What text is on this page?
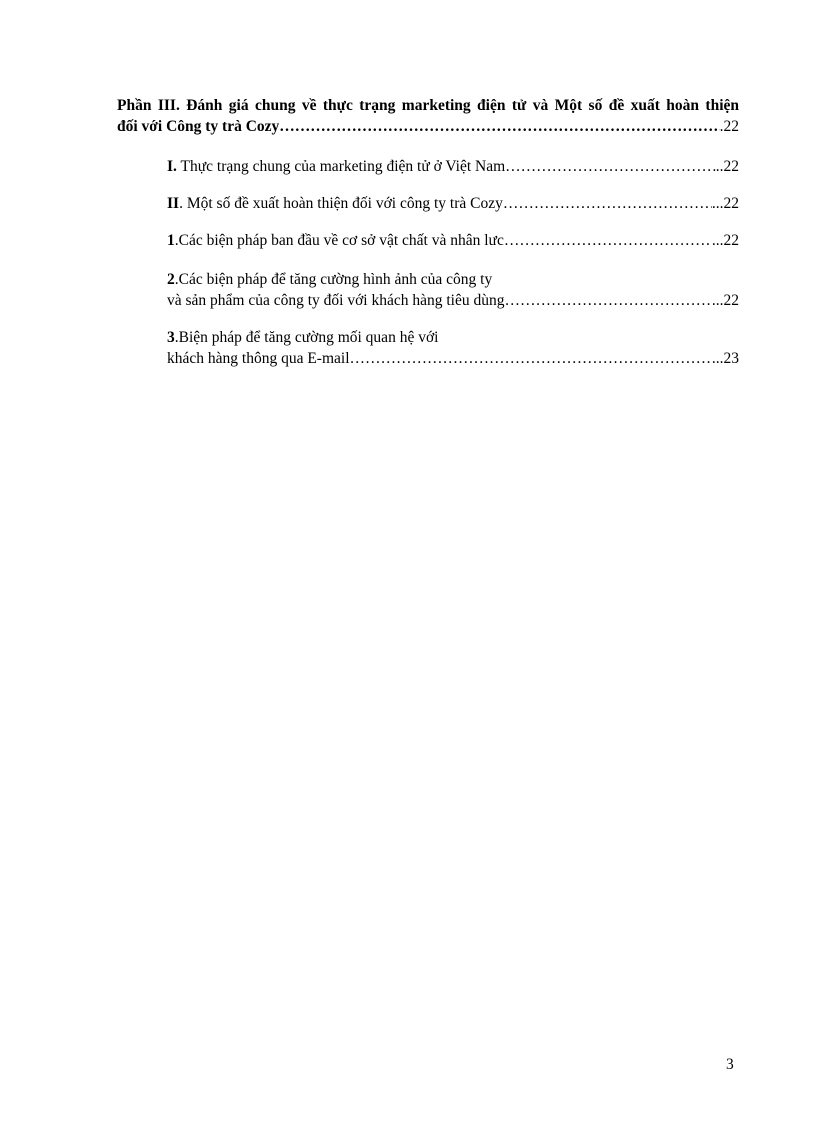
Phần III. Đánh giá chung về thực trạng marketing điện tử và Một số đề xuất hoàn thiện
đối với Công ty trà Cozy… ……………………………………………………………………………………………………………………………………………………………………………………	.22
I. Thực trạng chung của marketing điện tử ở Việt Nam ……………………………………………………………………………………………………………………………………………………………………………………	..22
II. Một số đề xuất hoàn thiện đối với công ty trà Cozy ……………………………………………………………………………………………………………………………………………………………………………………	...22
1.Các biện pháp ban đầu về cơ sở vật chất và nhân lưc ……………………………………………………………………………………………………………………………………………………………………………………	...22
2.Các biện pháp để tăng cường hình ảnh của công ty
và sản phẩm của công ty đối với khách hàng tiêu dùng ……………………………………………………………………………………………………………………………………………………………………………………	...22
3.Biện pháp để tăng cường mối quan hệ với
khách hàng thông qua E-mail ……………………………………………………………………………………………………………………………………………………………………………………	...23
3
